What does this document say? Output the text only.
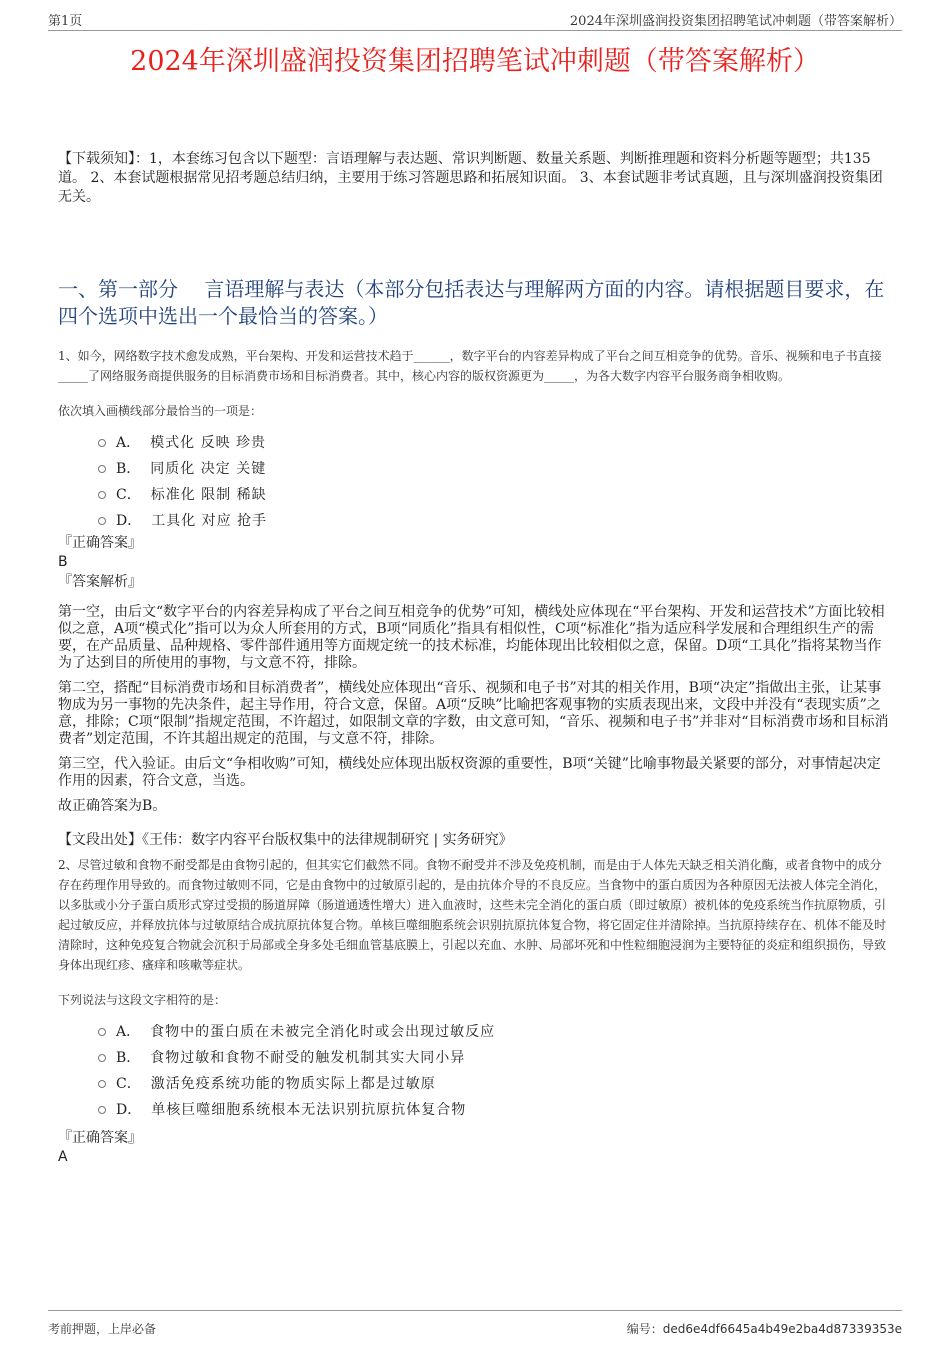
第1页	2024年深圳盛润投资集团招聘笔试冲刺题（带答案解析）
2024年深圳盛润投资集团招聘笔试冲刺题（带答案解析）
【下载须知】：1，本套练习包含以下题型：言语理解与表达题、常识判断题、数量关系题、判断推理题和资料分析题等题型；共135道。 2、本套试题根据常见招考题总结归纳，主要用于练习答题思路和拓展知识面。 3、本套试题非考试真题，且与深圳盛润投资集团无关。
一、第一部分 　言语理解与表达（本部分包括表达与理解两方面的内容。请根据题目要求，在四个选项中选出一个最恰当的答案。）

1、如今，网络数字技术愈发成熟，平台架构、开发和运营技术趋于______，数字平台的内容差异构成了平台之间互相竞争的优势。音乐、视频和电子书直接_____了网络服务商提供服务的目标消费市场和目标消费者。其中，核心内容的版权资源更为_____，为各大数字内容平台服务商争相收购。

依次填入画横线部分最恰当的一项是：

A． 模式化 反映 珍贵
B． 同质化 决定 关键
C． 标准化 限制 稀缺
D． 工具化 对应 抢手

『正确答案』

B

『答案解析』

第一空，由后文“数字平台的内容差异构成了平台之间互相竞争的优势”可知，横线处应体现在“平台架构、开发和运营技术”方面比较相似之意，A项“模式化”指可以为众人所套用的方式，B项“同质化”指具有相似性，C项“标准化”指为适应科学发展和合理组织生产的需要，在产品质量、品种规格、零件部件通用等方面规定统一的技术标准，均能体现出比较相似之意，保留。D项“工具化”指将某物当作为了达到目的所使用的事物，与文意不符，排除。

第二空，搭配“目标消费市场和目标消费者”，横线处应体现出“音乐、视频和电子书”对其的相关作用，B项“决定”指做出主张，让某事物成为另一事物的先决条件，起主导作用，符合文意，保留。A项“反映”比喻把客观事物的实质表现出来，文段中并没有“表现实质”之意，排除；C项“限制”指规定范围，不许超过，如限制文章的字数，由文意可知，“音乐、视频和电子书”并非对“目标消费市场和目标消费者”划定范围，不许其超出规定的范围，与文意不符，排除。

第三空，代入验证。由后文“争相收购”可知，横线处应体现出版权资源的重要性，B项“关键”比喻事物最关紧要的部分，对事情起决定作用的因素，符合文意，当选。

故正确答案为B。

【文段出处】《王伟：数字内容平台版权集中的法律规制研究 | 实务研究》

2、尽管过敏和食物不耐受都是由食物引起的，但其实它们截然不同。食物不耐受并不涉及免疫机制，而是由于人体先天缺乏相关消化酶，或者食物中的成分存在药理作用导致的。而食物过敏则不同，它是由食物中的过敏原引起的，是由抗体介导的不良反应。当食物中的蛋白质因为各种原因无法被人体完全消化，以多肽或小分子蛋白质形式穿过受损的肠道屏障（肠道通透性增大）进入血液时，这些未完全消化的蛋白质（即过敏原）被机体的免疫系统当作抗原物质，引起过敏反应，并释放抗体与过敏原结合成抗原抗体复合物。单核巨噬细胞系统会识别抗原抗体复合物，将它固定住并清除掉。当抗原持续存在、机体不能及时清除时，这种免疫复合物就会沉积于局部或全身多处毛细血管基底膜上，引起以充血、水肿、局部坏死和中性粒细胞浸润为主要特征的炎症和组织损伤，导致身体出现红疹、瘙痒和咳嗽等症状。

下列说法与这段文字相符的是：

A． 食物中的蛋白质在未被完全消化时或会出现过敏反应
B． 食物过敏和食物不耐受的触发机制其实大同小异
C． 激活免疫系统功能的物质实际上都是过敏原
D． 单核巨噬细胞系统根本无法识别抗原抗体复合物

『正确答案』

A

考前押题，上岸必备	编号：ded6e4df6645a4b49e2ba4d87339353e
